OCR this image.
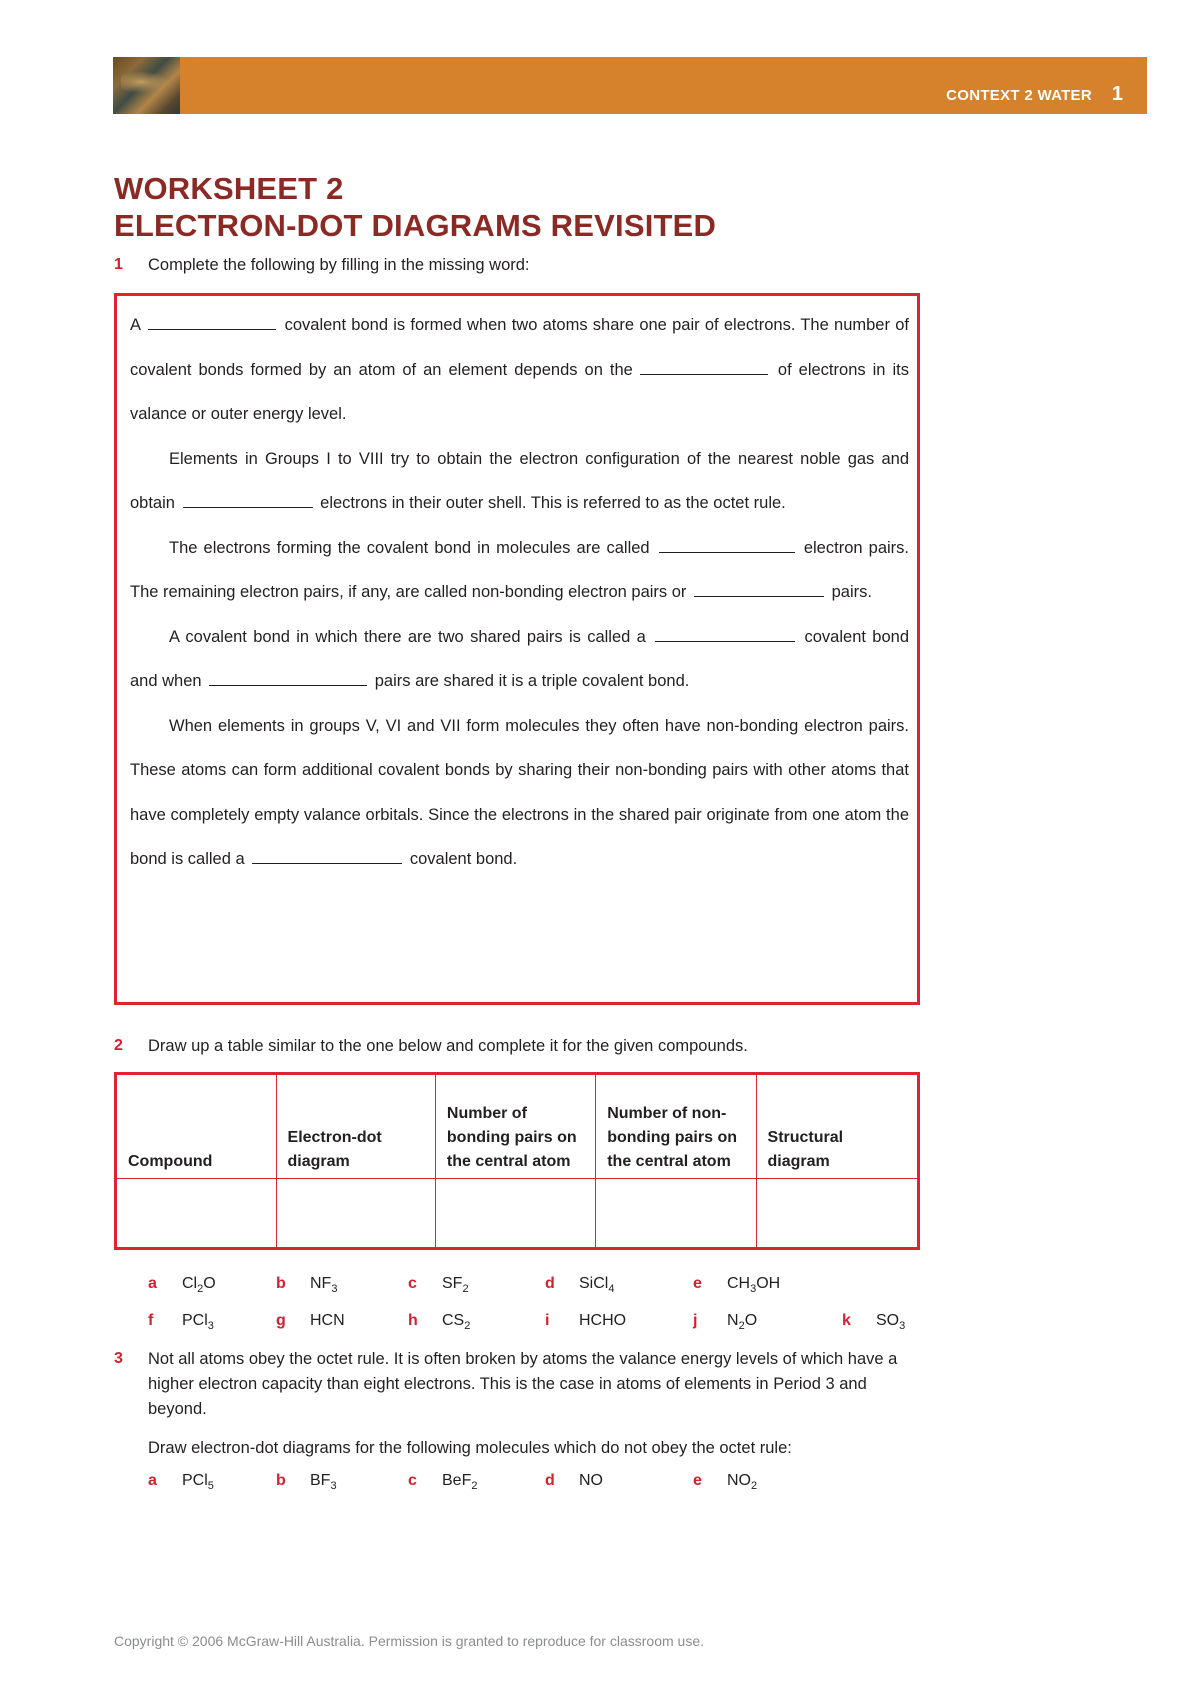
CONTEXT 2 WATER 1
WORKSHEET 2
ELECTRON-DOT DIAGRAMS REVISITED
1 Complete the following by filling in the missing word:

A	covalent bond is formed when two atoms share one pair of electrons. The number of covalent bonds formed by an atom of an element depends on the	of electrons in its valance or outer energy level.

Elements in Groups I to VIII try to obtain the electron configuration of the nearest noble gas and obtain	electrons in their outer shell. This is referred to as the octet rule.

The electrons forming the covalent bond in molecules are called	electron pairs. The remaining electron pairs, if any, are called non-bonding electron pairs or	pairs.

A covalent bond in which there are two shared pairs is called a	covalent bond and when	pairs are shared it is a triple covalent bond.

When elements in groups V, VI and VII form molecules they often have non-bonding electron pairs. These atoms can form additional covalent bonds by sharing their non-bonding pairs with other atoms that have completely empty valance orbitals. Since the electrons in the shared pair originate from one atom the bond is called a	covalent bond.

2 Draw up a table similar to the one below and complete it for the given compounds.
Compound	Electron-dot diagram	Number of bonding pairs on the central atom	Number of non-bonding pairs on the central atom	Structural diagram

a $Cl_2O$	b $NF_3$	c $SF_2$	d SiCl$_4$	e $CH_3OH$
f PCl$_3$	g HCN	h $CS_2$	i HCHO	j $N_2O$	k $SO_3$
3 Not all atoms obey the octet rule. It is often broken by atoms the valance energy levels of which have a higher electron capacity than eight electrons. This is the case in atoms of elements in Period 3 and beyond.
Draw electron-dot diagrams for the following molecules which do not obey the octet rule:
a PCl$_5$	b $BF_3$	c BeF$_2$	d NO	e $NO_2$
Copyright © 2006 McGraw-Hill Australia. Permission is granted to reproduce for classroom use.
